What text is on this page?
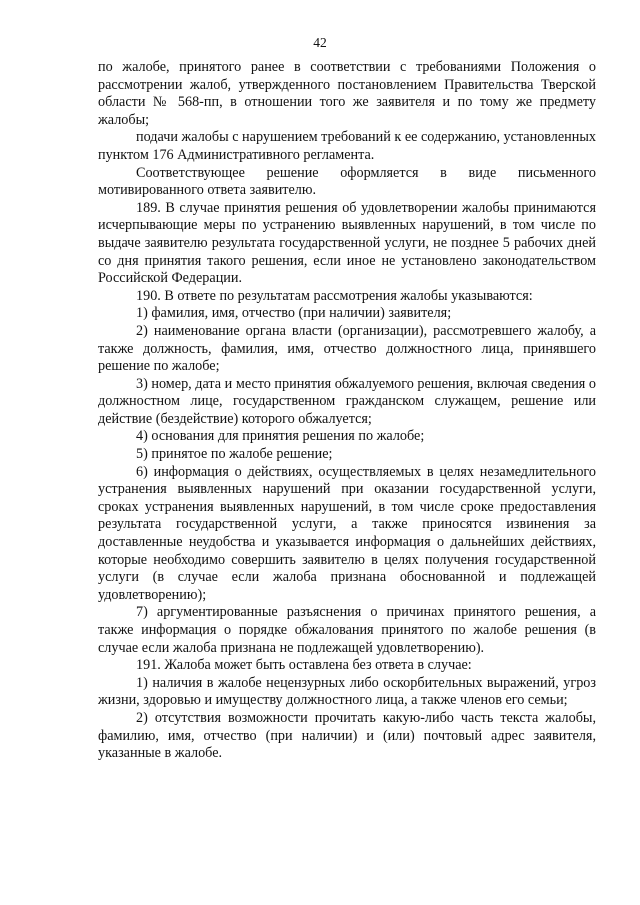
42

по жалобе, принятого ранее в соответствии с требованиями Положения о рассмотрении жалоб, утвержденного постановлением Правительства Тверской области № 568-пп, в отношении того же заявителя и по тому же предмету жалобы;

подачи жалобы с нарушением требований к ее содержанию, установленных пунктом 176 Административного регламента.

Соответствующее решение оформляется в виде письменного мотивированного ответа заявителю.

189. В случае принятия решения об удовлетворении жалобы принимаются исчерпывающие меры по устранению выявленных нарушений, в том числе по выдаче заявителю результата государственной услуги, не позднее 5 рабочих дней со дня принятия такого решения, если иное не установлено законодательством Российской Федерации.

190. В ответе по результатам рассмотрения жалобы указываются:

1) фамилия, имя, отчество (при наличии) заявителя;

2) наименование органа власти (организации), рассмотревшего жалобу, а также должность, фамилия, имя, отчество должностного лица, принявшего решение по жалобе;

3) номер, дата и место принятия обжалуемого решения, включая сведения о должностном лице, государственном гражданском служащем, решение или действие (бездействие) которого обжалуется;

4) основания для принятия решения по жалобе;

5) принятое по жалобе решение;

6) информация о действиях, осуществляемых в целях незамедлительного устранения выявленных нарушений при оказании государственной услуги, сроках устранения выявленных нарушений, в том числе сроке предоставления результата государственной услуги, а также приносятся извинения за доставленные неудобства и указывается информация о дальнейших действиях, которые необходимо совершить заявителю в целях получения государственной услуги (в случае если жалоба признана обоснованной и подлежащей удовлетворению);

7) аргументированные разъяснения о причинах принятого решения, а также информация о порядке обжалования принятого по жалобе решения (в случае если жалоба признана не подлежащей удовлетворению).

191. Жалоба может быть оставлена без ответа в случае:

1) наличия в жалобе нецензурных либо оскорбительных выражений, угроз жизни, здоровью и имуществу должностного лица, а также членов его семьи;

2) отсутствия возможности прочитать какую-либо часть текста жалобы, фамилию, имя, отчество (при наличии) и (или) почтовый адрес заявителя, указанные в жалобе.
